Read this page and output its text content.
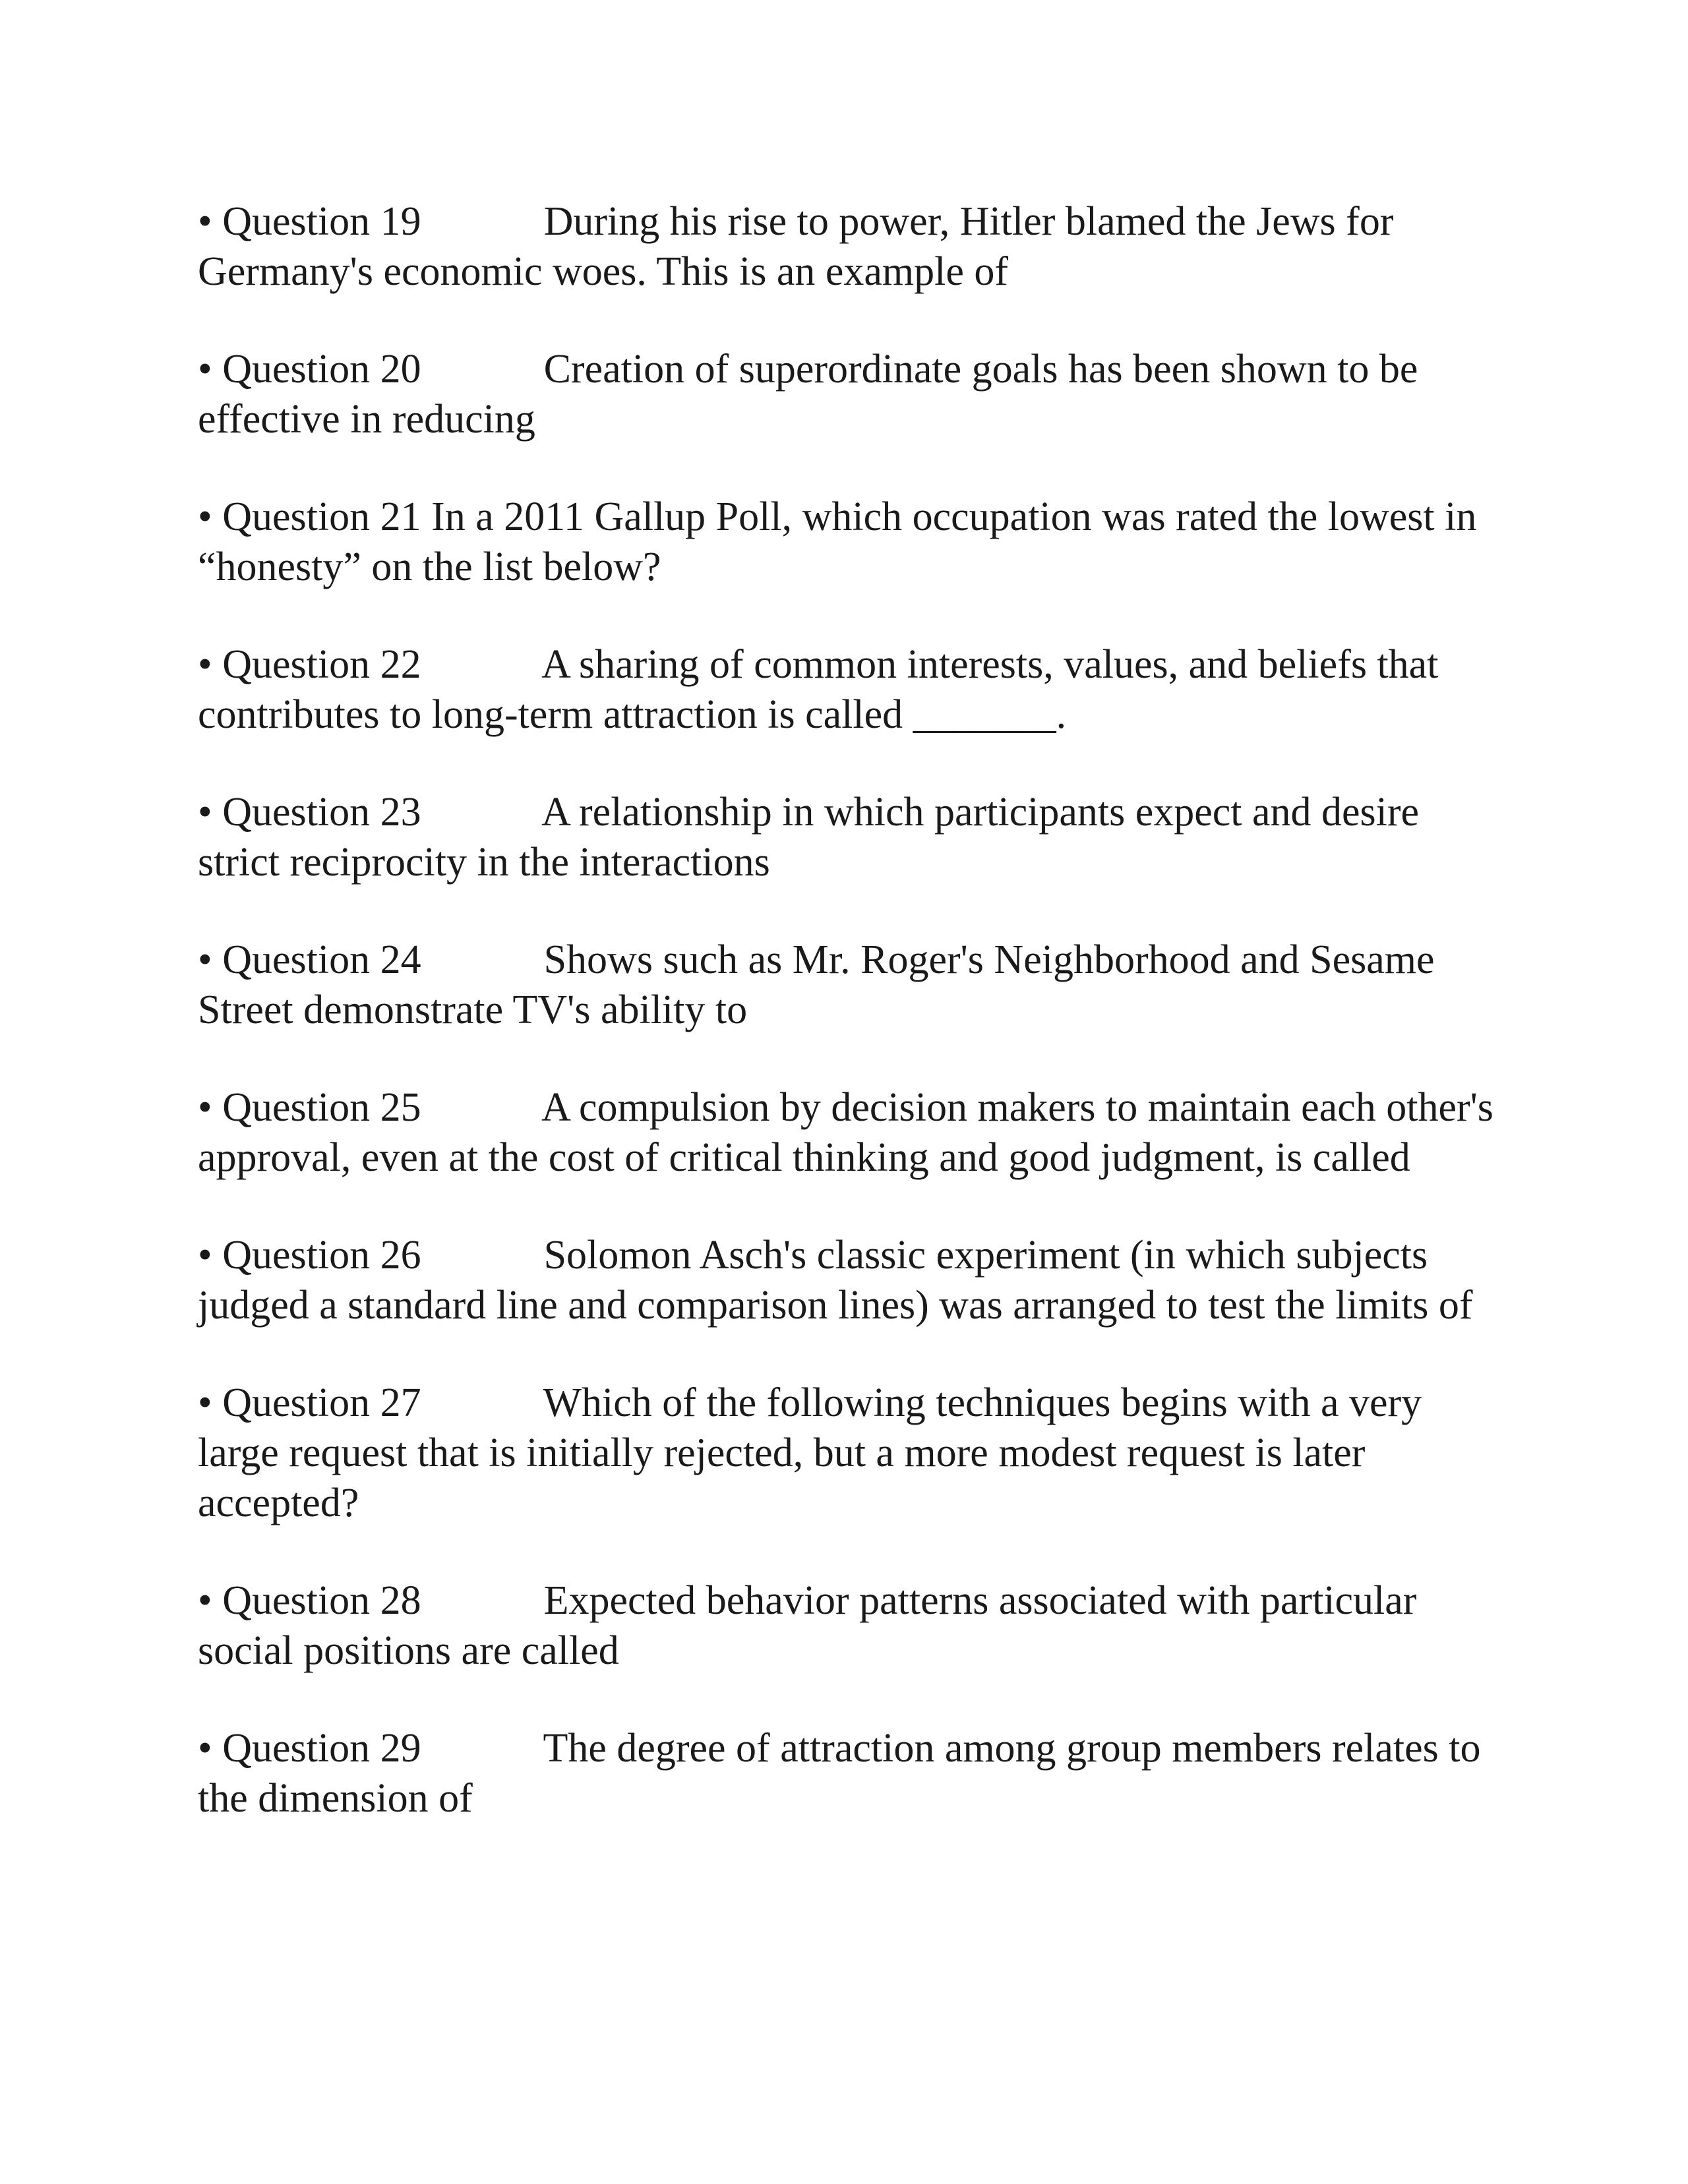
• Question 19            During his rise to power, Hitler blamed the Jews for Germany's economic woes. This is an example of
• Question 20            Creation of superordinate goals has been shown to be effective in reducing
• Question 21 In a 2011 Gallup Poll, which occupation was rated the lowest in “honesty” on the list below?
• Question 22            A sharing of common interests, values, and beliefs that contributes to long-term attraction is called _______.
• Question 23            A relationship in which participants expect and desire strict reciprocity in the interactions
• Question 24            Shows such as Mr. Roger's Neighborhood and Sesame Street demonstrate TV's ability to
• Question 25            A compulsion by decision makers to maintain each other's approval, even at the cost of critical thinking and good judgment, is called
• Question 26            Solomon Asch's classic experiment (in which subjects judged a standard line and comparison lines) was arranged to test the limits of
• Question 27            Which of the following techniques begins with a very large request that is initially rejected, but a more modest request is later accepted?
• Question 28            Expected behavior patterns associated with particular social positions are called
• Question 29            The degree of attraction among group members relates to the dimension of
